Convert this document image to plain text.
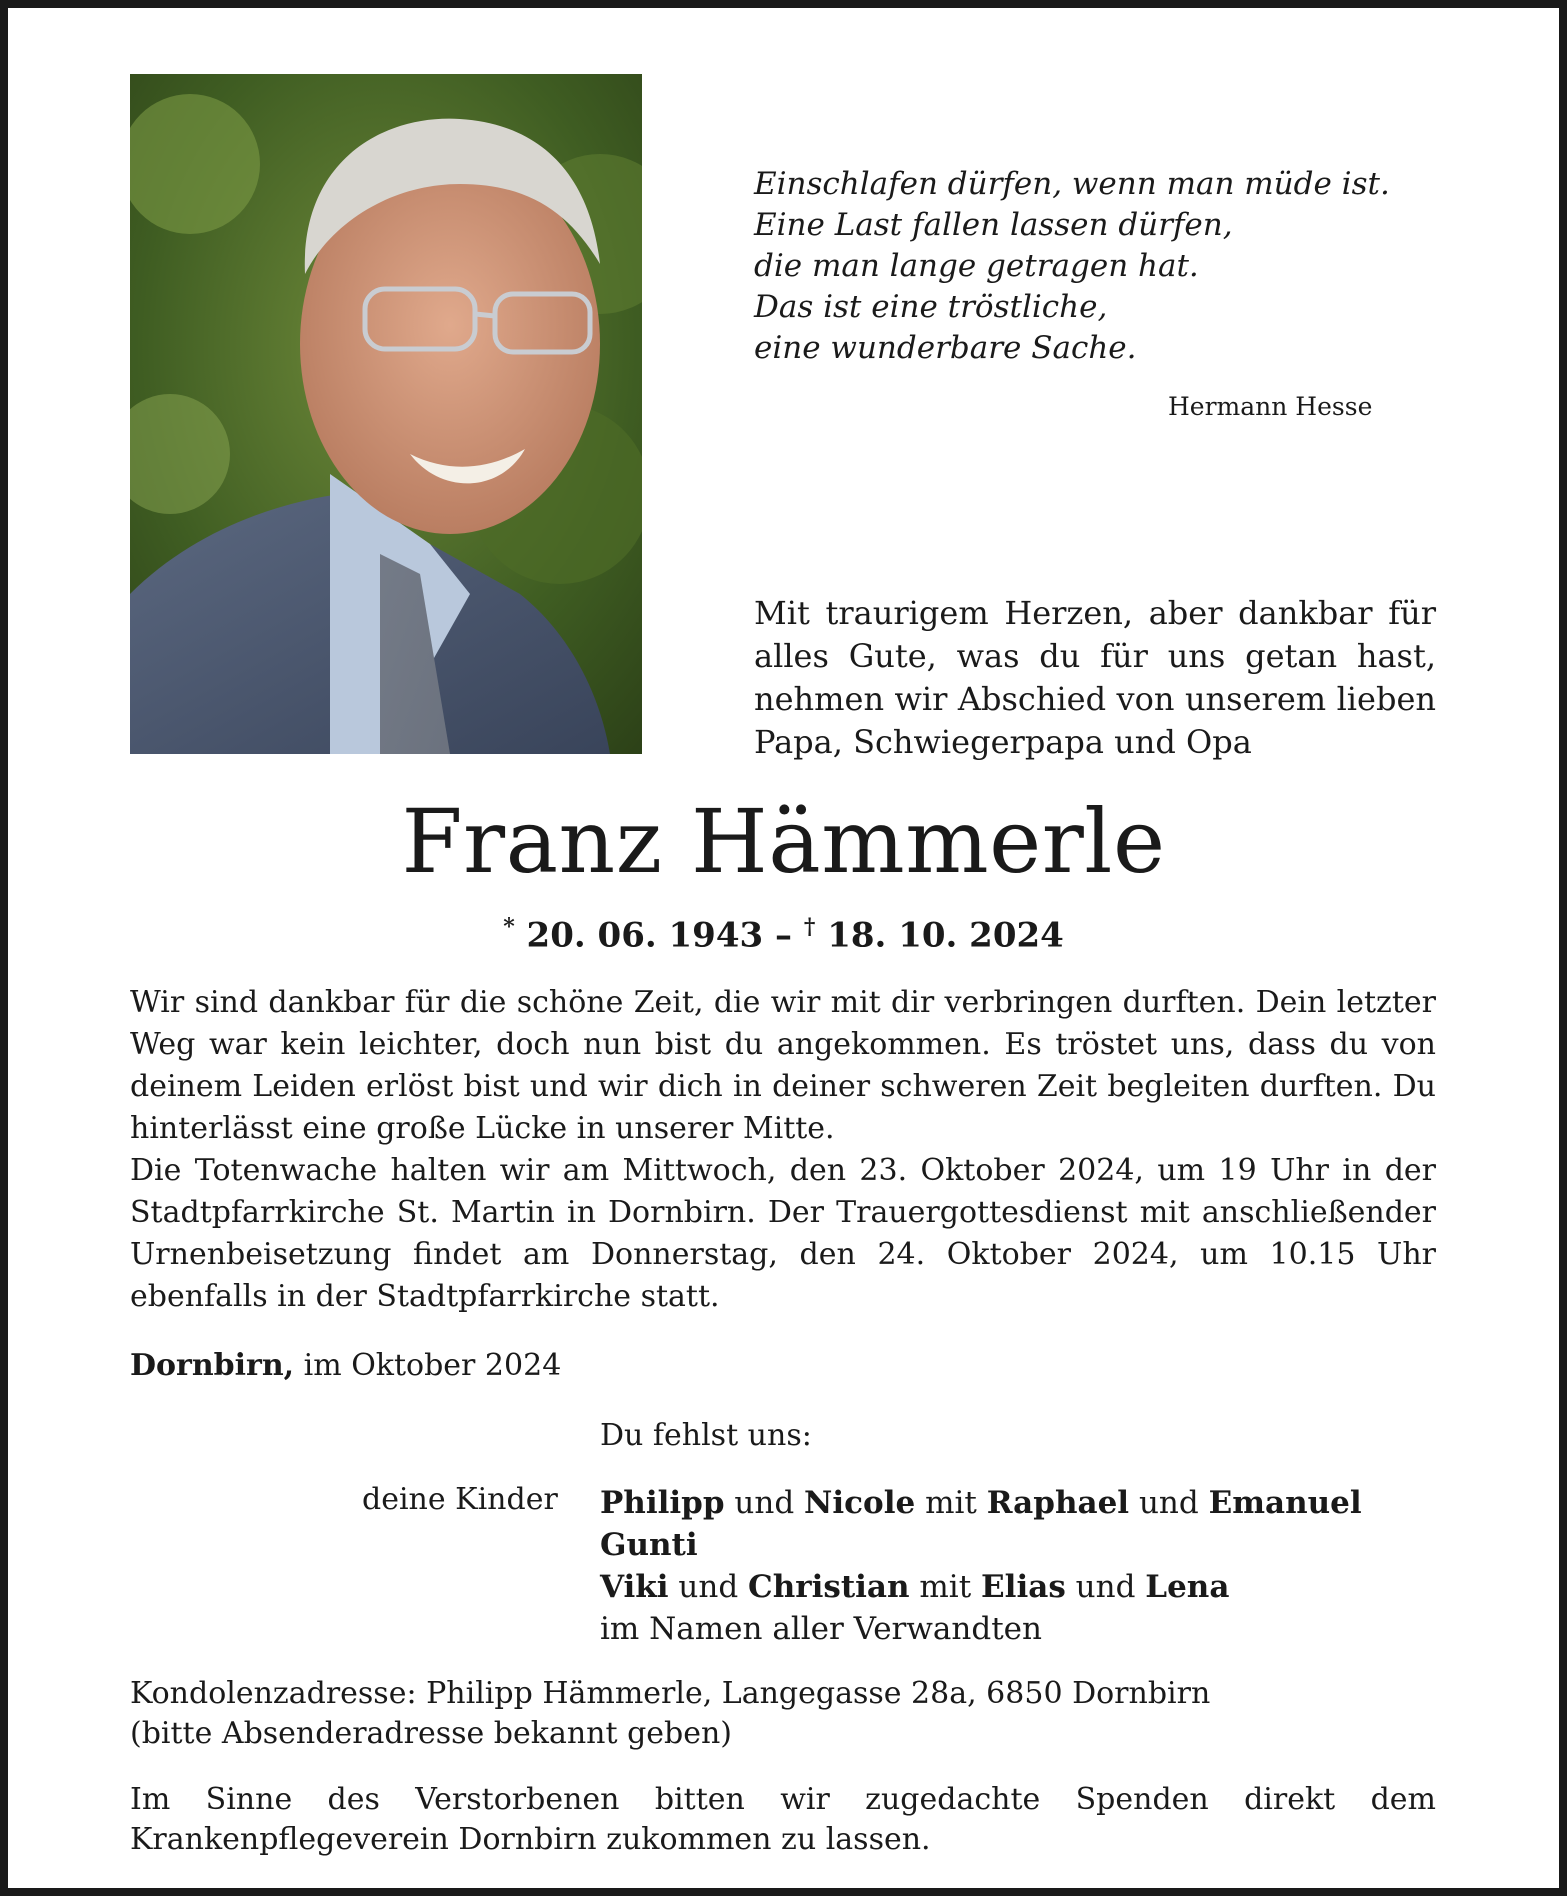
Einschlafen dürfen, wenn man müde ist.
Eine Last fallen lassen dürfen,
die man lange getragen hat.
Das ist eine tröstliche,
eine wunderbare Sache.
Hermann Hesse
Mit traurigem Herzen, aber dankbar für alles Gute, was du für uns getan hast, nehmen wir Abschied von unserem lieben Papa, Schwiegerpapa und Opa
Franz Hämmerle
* 20. 06. 1943 – † 18. 10. 2024
Wir sind dankbar für die schöne Zeit, die wir mit dir verbringen durften. Dein letzter Weg war kein leichter, doch nun bist du angekommen. Es tröstet uns, dass du von deinem Leiden erlöst bist und wir dich in deiner schweren Zeit begleiten durften. Du hinterlässt eine große Lücke in unserer Mitte.
Die Totenwache halten wir am Mittwoch, den 23. Oktober 2024, um 19 Uhr in der Stadtpfarrkirche St. Martin in Dornbirn. Der Trauergottesdienst mit anschließender Urnenbeisetzung findet am Donnerstag, den 24. Oktober 2024, um 10.15 Uhr ebenfalls in der Stadtpfarrkirche statt.
Dornbirn, im Oktober 2024
Du fehlst uns:
deine Kinder Philipp und Nicole mit Raphael und Emanuel
Gunti
Viki und Christian mit Elias und Lena
im Namen aller Verwandten
Kondolenzadresse: Philipp Hämmerle, Langegasse 28a, 6850 Dornbirn
(bitte Absenderadresse bekannt geben)
Im Sinne des Verstorbenen bitten wir zugedachte Spenden direkt dem Krankenpflegeverein Dornbirn zukommen zu lassen.
